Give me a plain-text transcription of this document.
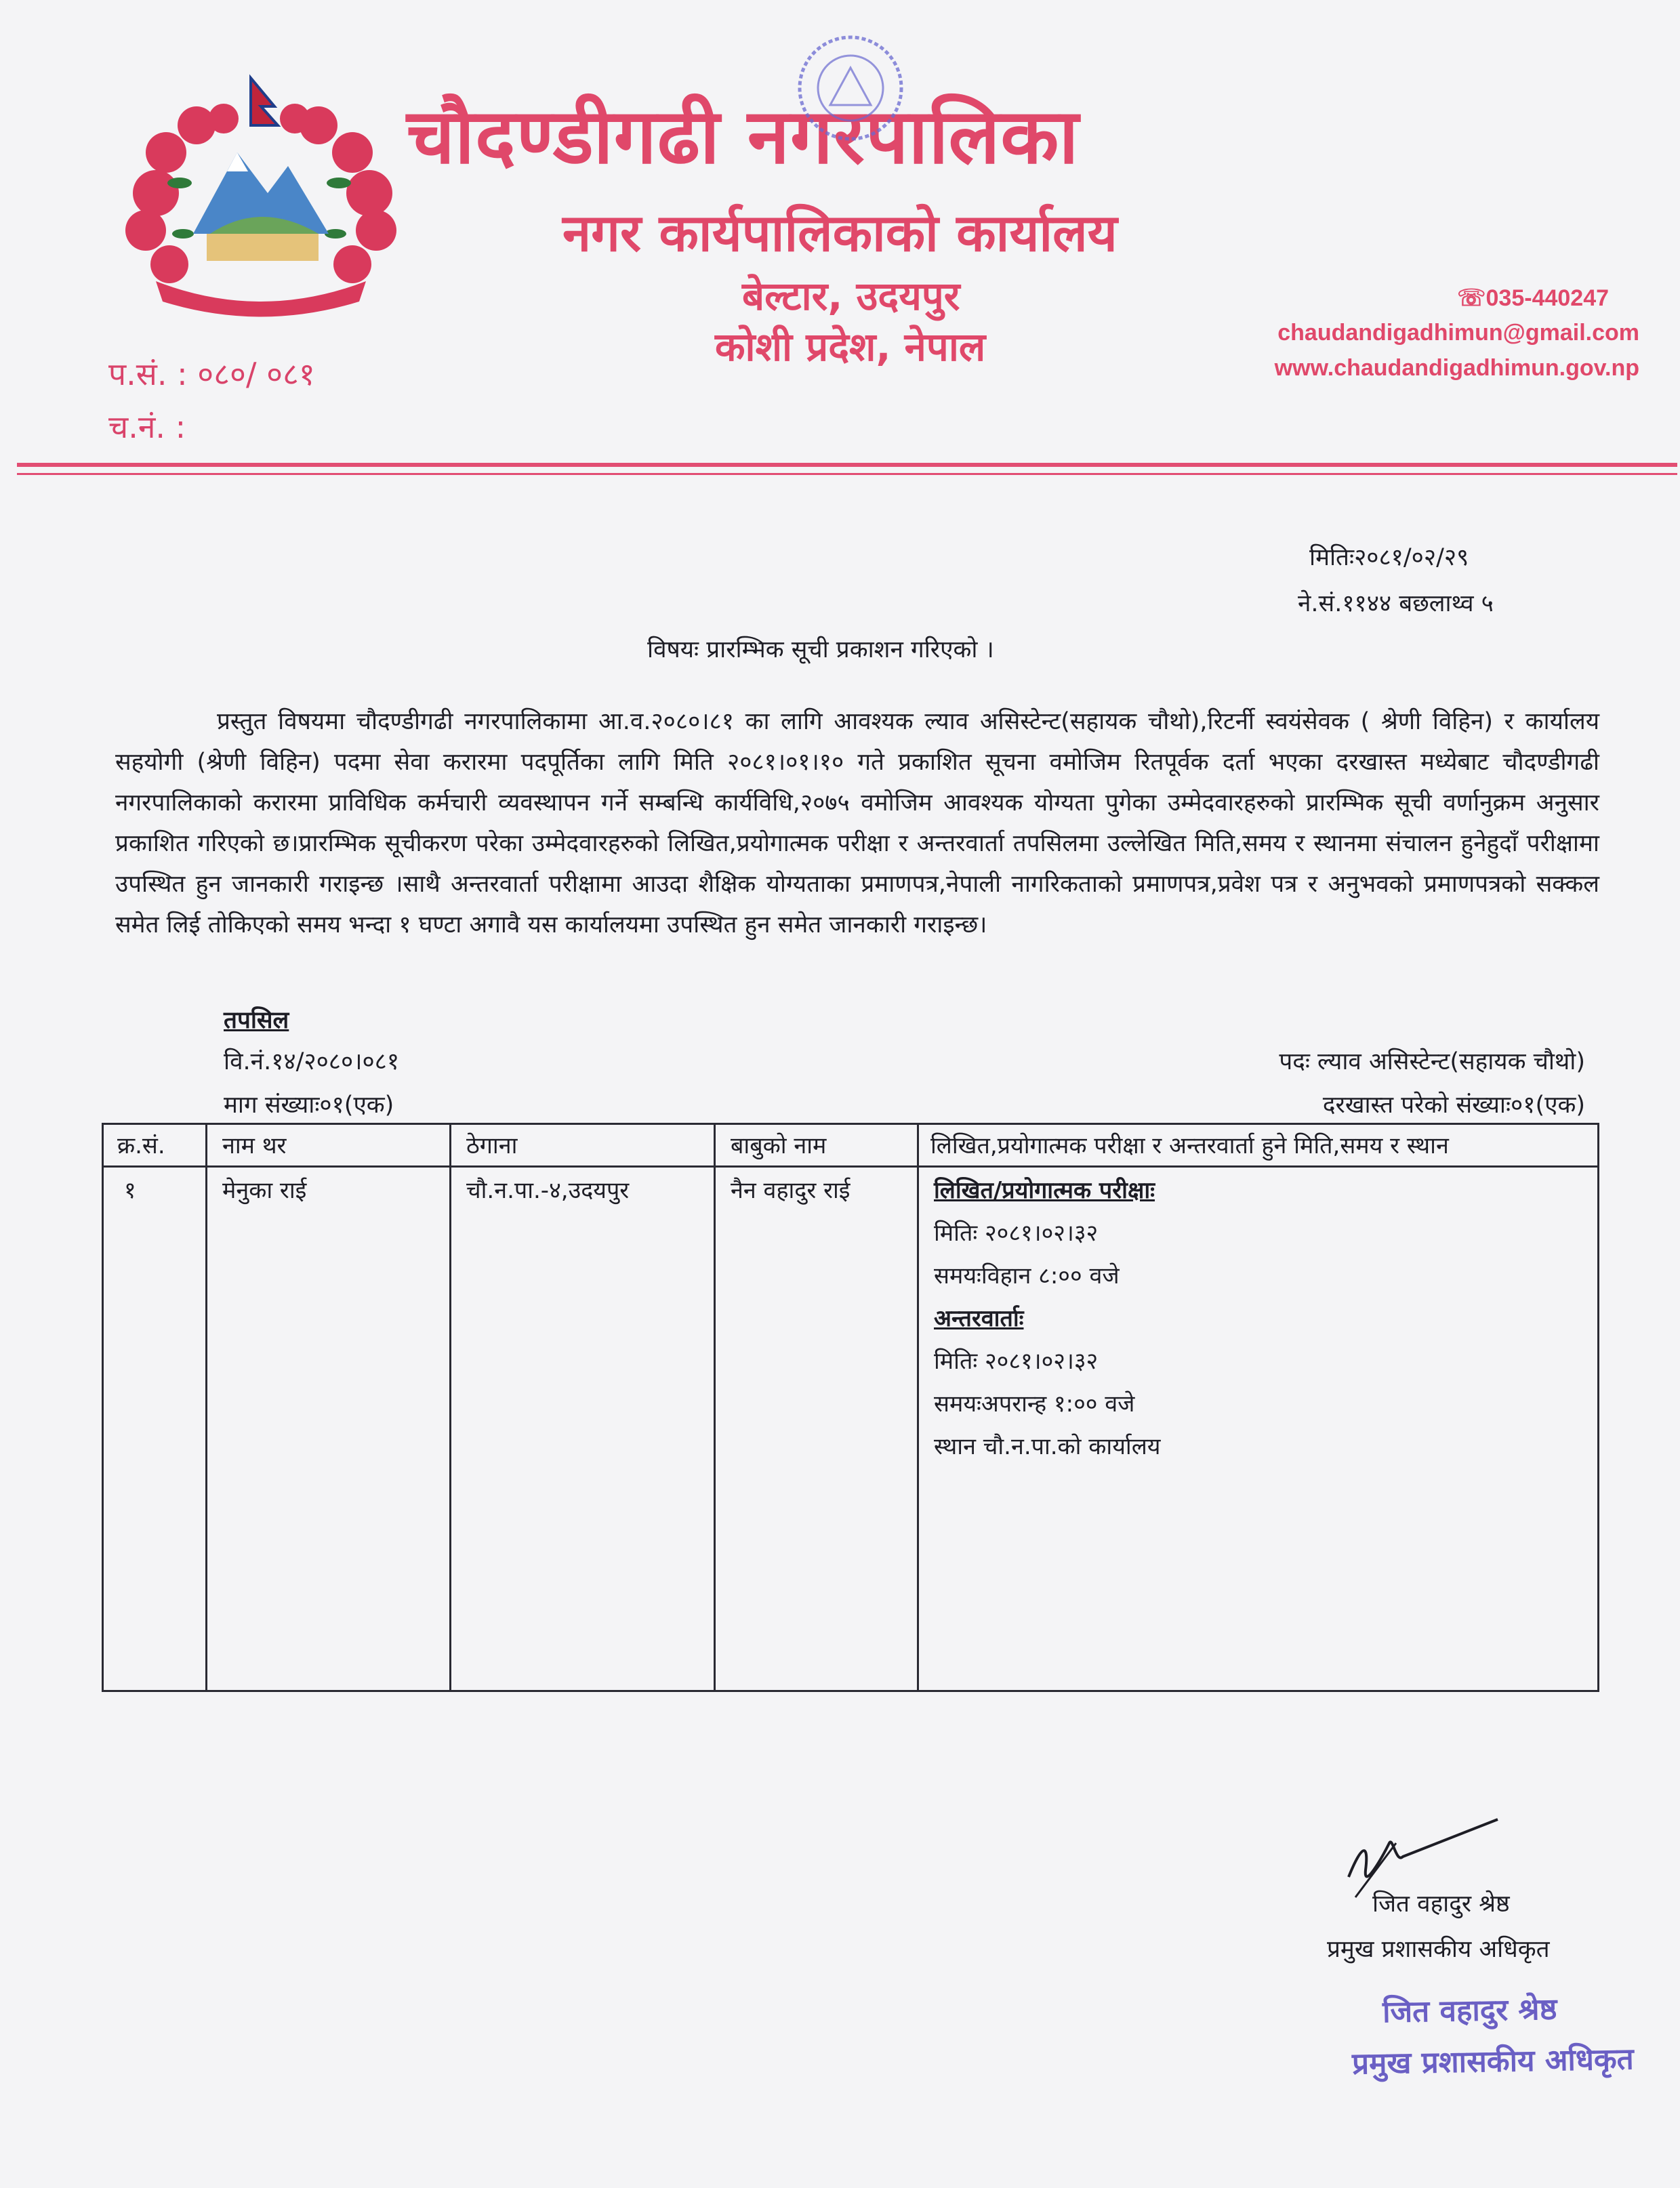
चौदण्डीगढी नगरपालिका
नगर कार्यपालिकाको कार्यालय
बेल्टार, उदयपुर
कोशी प्रदेश, नेपाल
☏035-440247
chaudandigadhimun@gmail.com
www.chaudandigadhimun.gov.np
प.सं. : ०८०/ ०८१
च.नं. :
मितिः२०८१/०२/२९
ने.सं.११४४ बछलाथ्व ५
विषयः प्रारम्भिक सूची प्रकाशन गरिएको ।
प्रस्तुत विषयमा चौदण्डीगढी नगरपालिकामा आ.व.२०८०।८१ का लागि आवश्यक ल्याव असिस्टेन्ट(सहायक चौथो),रिटर्नी स्वयंसेवक ( श्रेणी विहिन) र कार्यालय सहयोगी (श्रेणी विहिन) पदमा सेवा करारमा पदपूर्तिका लागि मिति २०८१।०१।१० गते प्रकाशित सूचना वमोजिम रितपूर्वक दर्ता भएका दरखास्त मध्येबाट चौदण्डीगढी नगरपालिकाको करारमा प्राविधिक कर्मचारी व्यवस्थापन गर्ने सम्बन्धि कार्यविधि,२०७५ वमोजिम आवश्यक योग्यता पुगेका उम्मेदवारहरुको प्रारम्भिक सूची वर्णानुक्रम अनुसार प्रकाशित गरिएको छ।प्रारम्भिक सूचीकरण परेका उम्मेदवारहरुको लिखित,प्रयोगात्मक परीक्षा र अन्तरवार्ता तपसिलमा उल्लेखित मिति,समय र स्थानमा संचालन हुनेहुदाँ परीक्षामा उपस्थित हुन जानकारी गराइन्छ ।साथै अन्तरवार्ता परीक्षामा आउदा शैक्षिक योग्यताका प्रमाणपत्र,नेपाली नागरिकताको प्रमाणपत्र,प्रवेश पत्र र अनुभवको प्रमाणपत्रको सक्कल समेत लिई तोकिएको समय भन्दा १ घण्टा अगावै यस कार्यालयमा उपस्थित हुन समेत जानकारी गराइन्छ।
तपसिल
वि.नं.१४/२०८०।०८१
माग संख्याः०१(एक)
पदः ल्याव असिस्टेन्ट(सहायक चौथो)
दरखास्त परेको संख्याः०१(एक)
क्र.सं. नाम थर	ठेगाना	बाबुको नाम	लिखित,प्रयोगात्मक परीक्षा र अन्तरवार्ता हुने मिति,समय र स्थान
१	मेनुका राई	चौ.न.पा.-४,उदयपुर	नैन वहादुर राई	लिखित/प्रयोगात्मक परीक्षाः
मितिः २०८१।०२।३२
समयःविहान ८:०० वजे
अन्तरवार्ताः
मितिः २०८१।०२।३२
समयःअपरान्ह १:०० वजे
स्थान चौ.न.पा.को कार्यालय
जित वहादुर श्रेष्ठ
प्रमुख प्रशासकीय अधिकृत
जित वहादुर श्रेष्ठ
प्रमुख प्रशासकीय अधिकृत
